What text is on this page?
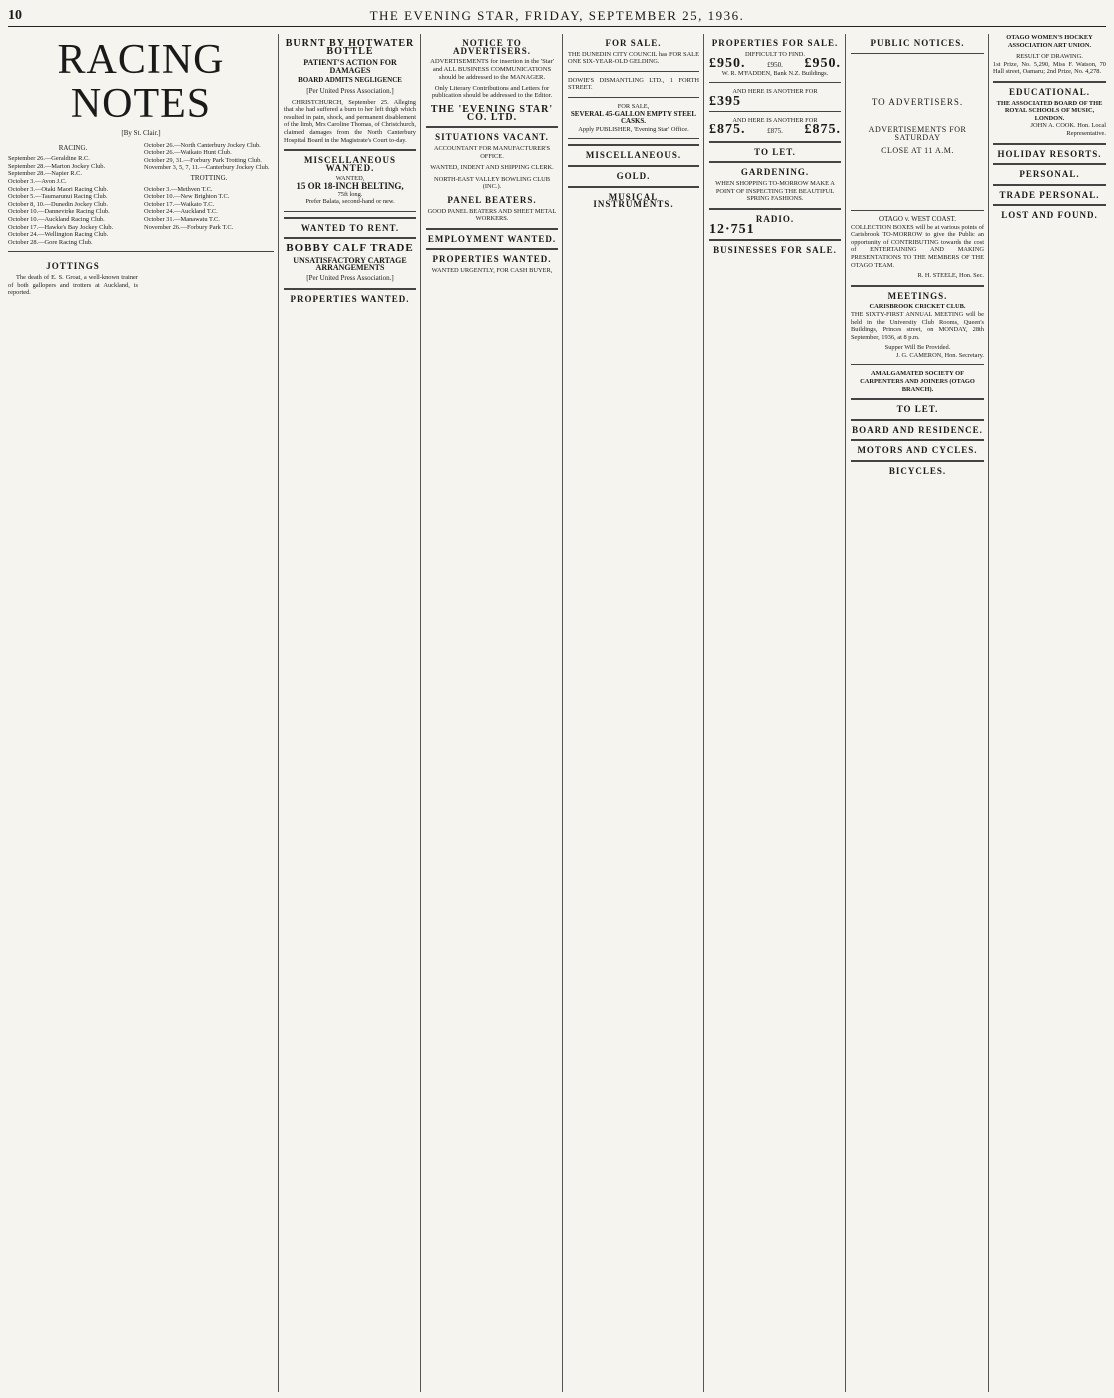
10	THE EVENING STAR, FRIDAY, SEPTEMBER 25, 1936.
RACING NOTES
[By St. Clair.]
RACING.
September 26.—Geraldine R.C.
September 28.—Marton Jockey Club.
September 28.—Napier R.C.
October 3.—Avon J.C.
October 3.—Otaki Maori Racing Club.
October 5.—Taumarunui Racing Club.
October 8, 10.—Dunedin Jockey Club.
October 10.—Dannevirke Racing Club.
October 10.—Auckland Racing Club.
October 17.—Hawke's Bay Jockey Club.
October 24.—Wellington Racing Club.
October 28.—Gore Racing Club.
October 26.—North Canterbury Jockey Club.
October 26.—Waikato Hunt Club.
October 29, 31.—Forbury Park Trotting Club.
November 3, 5, 7, 11.—Canterbury Jockey Club.
TROTTING.
October 3.—Methven T.C.
October 10.—New Brighton T.C.
October 17.—Waikato T.C.
October 24.—Auckland T.C.
October 31.—Manawatu T.C.
November 26.—Forbury Park T.C.
JOTTINGS

The death of E. S. Groat, a well-known trainer of both gallopers and trotters at Auckland, is reported.

BURNT BY HOTWATER BOTTLE
PATIENT'S ACTION FOR DAMAGES
BOARD ADMITS NEGLIGENCE
[Per United Press Association.]

CHRISTCHURCH, September 25. Alleging that she had suffered a burn to her left thigh which resulted in pain, shock, and permanent disablement of the limb, Mrs Caroline Thomas, of Christchurch, claimed damages from the North Canterbury Hospital Board in the Magistrate's Court to-day.

MISCELLANEOUS WANTED.
WANTED,
15 OR 18-INCH BELTING,
75ft long.
Prefer Balata, second-hand or new.
WANTED TO RENT.
BOBBY CALF TRADE
UNSATISFACTORY CARTAGE ARRANGEMENTS
[Per United Press Association.]
PROPERTIES WANTED.
NOTICE TO ADVERTISERS.
ADVERTISEMENTS for insertion in the 'Star' and ALL BUSINESS COMMUNICATIONS should be addressed to the MANAGER.
Only Literary Contributions and Letters for publication should be addressed to the Editor.
THE 'EVENING STAR' CO. LTD.
SITUATIONS VACANT.
ACCOUNTANT FOR MANUFACTURER'S OFFICE.
WANTED, INDENT AND SHIPPING CLERK.
NORTH-EAST VALLEY BOWLING CLUB (INC.).
PANEL BEATERS.
GOOD PANEL BEATERS AND SHEET METAL WORKERS.
EMPLOYMENT WANTED.
PROPERTIES WANTED.
WANTED URGENTLY, FOR CASH BUYER,
FOR SALE.

THE DUNEDIN CITY COUNCIL has FOR SALE ONE SIX-YEAR-OLD GELDING.

DOWIE'S DISMANTLING LTD., 1 FORTH STREET.

FOR SALE,
SEVERAL 45-GALLON EMPTY STEEL CASKS.
Apply PUBLISHER, 'Evening Star' Office.
MISCELLANEOUS.
GOLD.
MUSICAL INSTRUMENTS.
PROPERTIES FOR SALE.
DIFFICULT TO FIND.
£950.	£950. £950.
W. R. M'FADDEN, Bank N.Z. Buildings.
AND HERE IS ANOTHER FOR
£395
AND HERE IS ANOTHER FOR
£875.	£875. £875.
TO LET.
GARDENING.
WHEN SHOPPING TO-MORROW MAKE A POINT OF INSPECTING THE BEAUTIFUL SPRING FASHIONS.
RADIO.
12·751
BUSINESSES FOR SALE.
PUBLIC NOTICES.
TO ADVERTISERS.
ADVERTISEMENTS FOR SATURDAY
CLOSE AT 11 A.M.
OTAGO v. WEST COAST.

COLLECTION BOXES will be at various points of Carisbrook TO-MORROW to give the Public an opportunity of CONTRIBUTING towards the cost of ENTERTAINING AND MAKING PRESENTATIONS TO THE MEMBERS OF THE OTAGO TEAM.

R. H. STEELE, Hon. Sec.
MEETINGS.
CARISBROOK CRICKET CLUB.

THE SIXTY-FIRST ANNUAL MEETING will be held in the University Club Rooms, Queen's Buildings, Princes street, on MONDAY, 28th September, 1936, at 8 p.m.

Supper Will Be Provided.
J. G. CAMERON, Hon. Secretary.
AMALGAMATED SOCIETY OF CARPENTERS AND JOINERS (OTAGO BRANCH).
TO LET.
BOARD AND RESIDENCE.
MOTORS AND CYCLES.
BICYCLES.
OTAGO WOMEN'S HOCKEY ASSOCIATION ART UNION.
RESULT OF DRAWING.

1st Prize, No. 5,290, Miss F. Watson, 70 Hall street, Oamaru; 2nd Prize, No. 4,278.

EDUCATIONAL.
THE ASSOCIATED BOARD OF THE ROYAL SCHOOLS OF MUSIC, LONDON.
JOHN A. COOK. Hon. Local Representative.
HOLIDAY RESORTS.
PERSONAL.
TRADE PERSONAL.
LOST AND FOUND.
